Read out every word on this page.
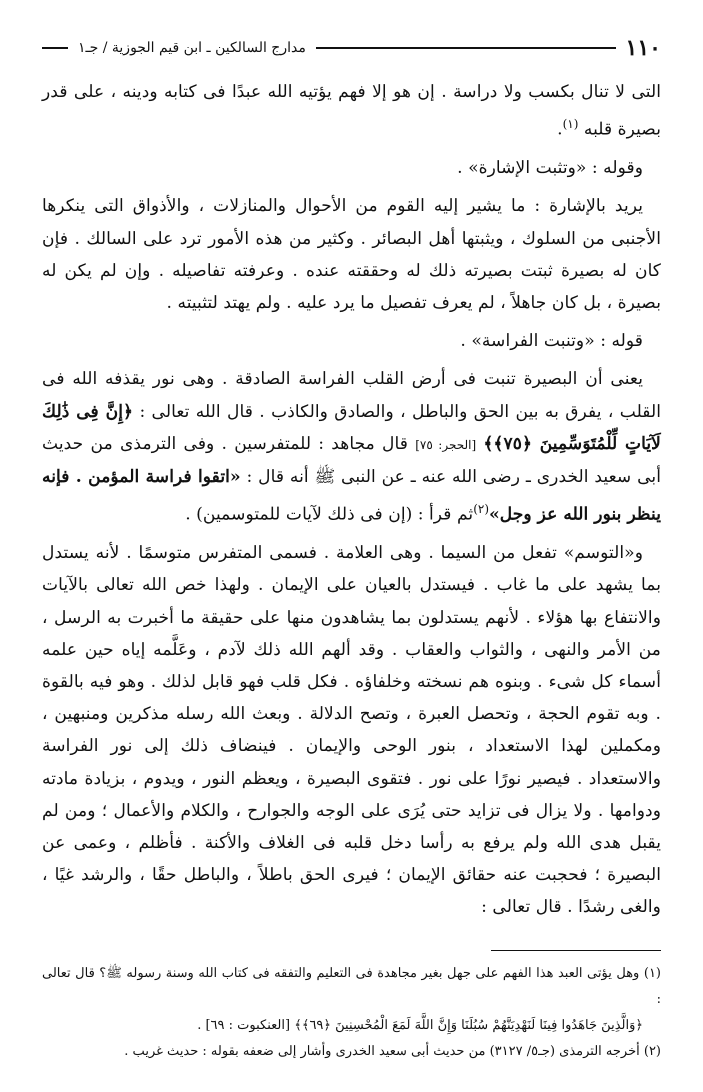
١١٠
مدارج السالكين ـ ابن قيم الجوزية / جـ١

التى لا تنال بكسب ولا دراسة . إن هو إلا فهم يؤتيه الله عبدًا فى كتابه ودينه ، على قدر بصيرة قلبه $^{(١)}$.

وقوله : «وتثبت الإشارة» .

يريد بالإشارة : ما يشير إليه القوم من الأحوال والمنازلات ، والأذواق التى ينكرها الأجنبى من السلوك ، ويثبتها أهل البصائر . وكثير من هذه الأمور ترد على السالك . فإن كان له بصيرة ثبتت بصيرته ذلك له وحققته عنده . وعرفته تفاصيله . وإن لم يكن له بصيرة ، بل كان جاهلاً ، لم يعرف تفصيل ما يرد عليه . ولم يهتد لتثبيته .

قوله : «وتنبت الفراسة» .

يعنى أن البصيرة تنبت فى أرض القلب الفراسة الصادقة . وهى نور يقذفه الله فى القلب ، يفرق به بين الحق والباطل ، والصادق والكاذب . قال الله تعالى : ﴿إِنَّ فِى ذَٰلِكَ لَآيَاتٍ لِّلْمُتَوَسِّمِينَ ﴿٧٥﴾﴾ [الحجر: ٧٥] قال مجاهد : للمتفرسين . وفى الترمذى من حديث أبى سعيد الخدرى ـ رضى الله عنه ـ عن النبى ﷺ أنه قال : «اتقوا فراسة المؤمن . فإنه ينظر بنور الله عز وجل»$^{(٢)}$ثم قرأ : (إن فى ذلك لآيات للمتوسمين) .

و«التوسم» تفعل من السيما . وهى العلامة . فسمى المتفرس متوسمًا . لأنه يستدل بما يشهد على ما غاب . فيستدل بالعيان على الإيمان . ولهذا خص الله تعالى بالآيات والانتفاع بها هؤلاء . لأنهم يستدلون بما يشاهدون منها على حقيقة ما أخبرت به الرسل ، من الأمر والنهى ، والثواب والعقاب . وقد ألهم الله ذلك لآدم ، وعَلَّمه إياه حين علمه أسماء كل شىء . وبنوه هم نسخته وخلفاؤه . فكل قلب فهو قابل لذلك . وهو فيه بالقوة . وبه تقوم الحجة ، وتحصل العبرة ، وتصح الدلالة . وبعث الله رسله مذكرين ومنبهين ، ومكملين لهذا الاستعداد ، بنور الوحى والإيمان . فينضاف ذلك إلى نور الفراسة والاستعداد . فيصير نورًا على نور . فتقوى البصيرة ، ويعظم النور ، ويدوم ، بزيادة مادته ودوامها . ولا يزال فى تزايد حتى يُرَى على الوجه والجوارح ، والكلام والأعمال ؛ ومن لم يقبل هدى الله ولم يرفع به رأسا دخل قلبه فى الغلاف والأكنة . فأظلم ، وعمى عن البصيرة ؛ فحجبت عنه حقائق الإيمان ؛ فيرى الحق باطلاً ، والباطل حقًا ، والرشد غيًا ، والغى رشدًا . قال تعالى :

(١) وهل يؤتى العبد هذا الفهم على جهل بغير مجاهدة فى التعليم والتفقه فى كتاب الله وسنة رسوله ﷺ؟ قال تعالى :

﴿وَالَّذِينَ جَاهَدُوا فِينَا لَنَهْدِيَنَّهُمْ سُبُلَنَا وَإِنَّ اللَّهَ لَمَعَ الْمُحْسِنِينَ ﴿٦٩﴾﴾ [العنكبوت : ٦٩] .

(٢) أخرجه الترمذى (جـ٥/ ٣١٢٧) من حديث أبى سعيد الخدرى وأشار إلى ضعفه بقوله : حديث غريب .
